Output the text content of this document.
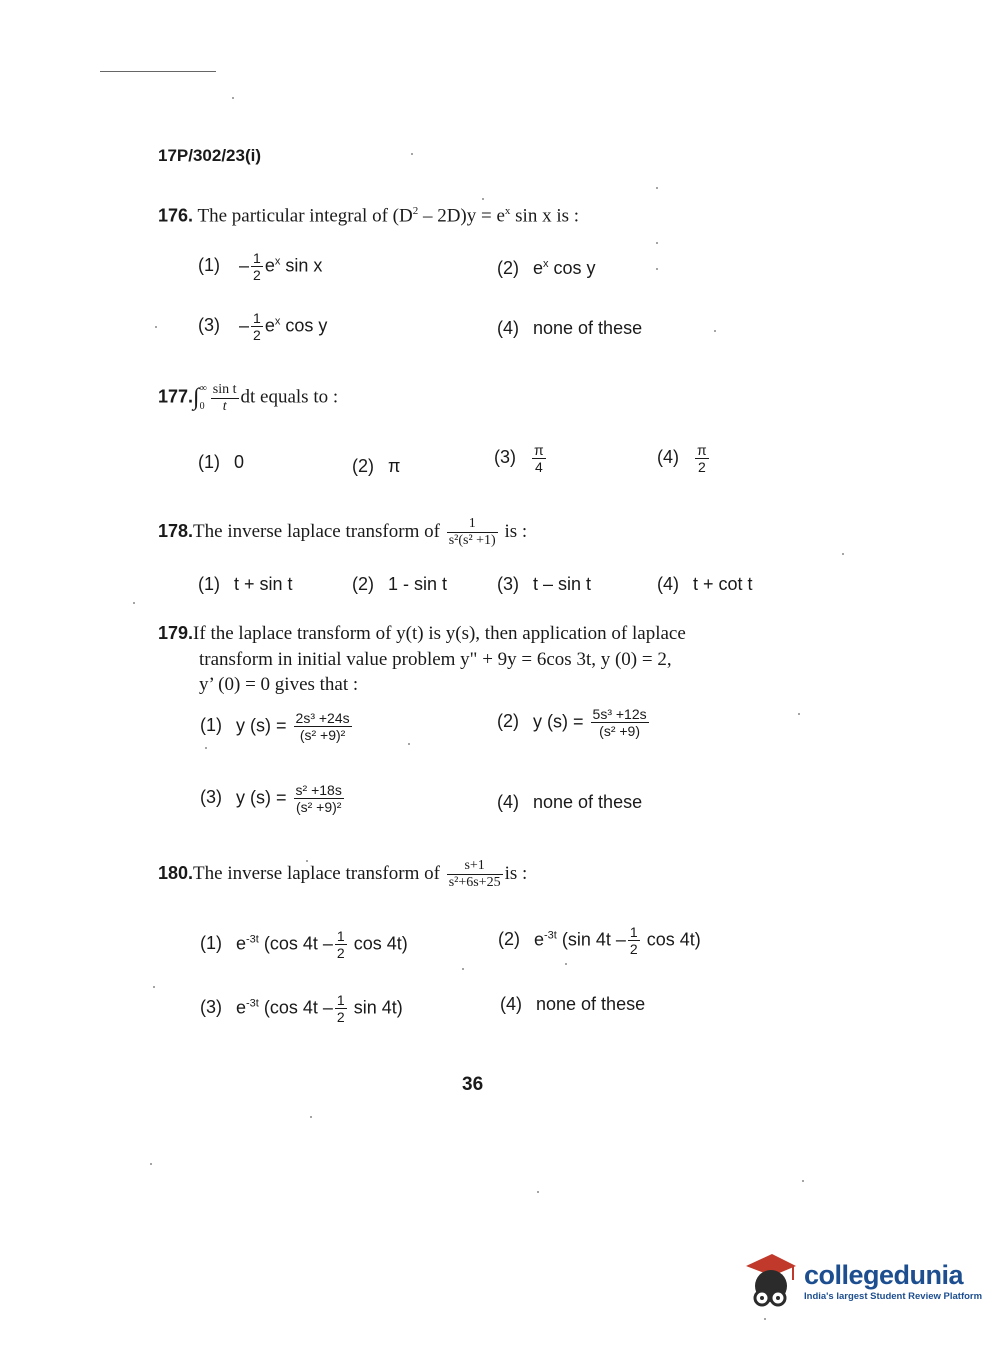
17P/302/23(i)
176. The particular integral of $(D^2 - 2D)y = e^x$ sin x is :
$(1) - \frac{1}{2} e^x$ sin x	(2) $e^x$ cos y
$(3) - \frac{1}{2} e^x$ cos y	(4) none of these
177.∫ ∞
$0 \frac{\text{sin t}}{t}$ dt equals to :
(1) 0	(2) π	$(3) \frac{\pi}{4}$	$(4) \frac{\pi}{2}$
178.The inverse laplace transform of $\frac{1}{\text{s²(s² +1)}}$ is :
(1) t + sin t	(2) 1 - sin t	(3) t – sin t	(4) t + cot t
179.If the laplace transform of y(t) is y(s), then application of laplace
transform in initial value problem y" + 9y = 6cos 3t, y (0) = 2,
y’ (0) = 0 gives that :
(1) y $(s) = \frac{\text{2s³ +24s}}{\text{(s² +9)²}}$	(2) y $(s) = \frac{\text{5s³ +12s}}{\text{(s² +9)}}$
(3) y $(s) = \frac{\text{s² +18s}}{\text{(s² +9)²}}$	(4) none of these
180.The inverse laplace transform of $\frac{s+1}{\text{s²+6s+25}}$ is :
(1) $e^{-3t}$ (cos $4t - \frac{1}{2}$ cos 4t)	(2) $e^{-3t}$ (sin $4t - \frac{1}{2}$ cos 4t)
(3) $e^{-3t}$ (cos $4t - \frac{1}{2}$ sin 4t)	(4) none of these
36

collegedunia
India's largest Student Review Platform
